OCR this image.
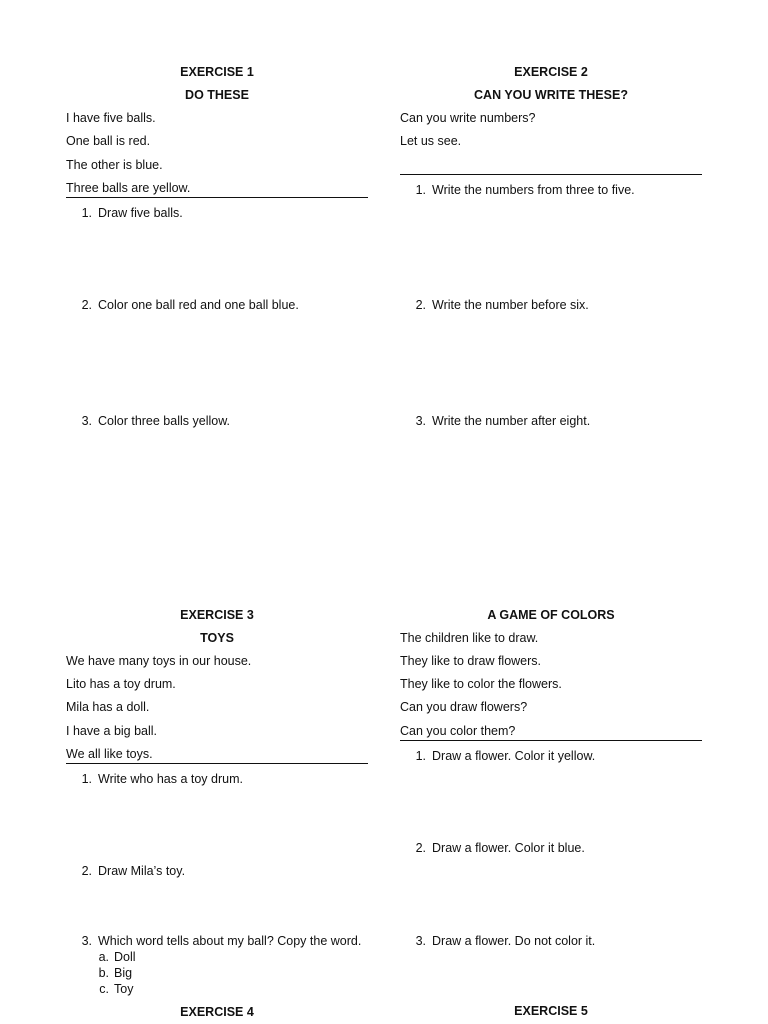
EXERCISE 1
DO THESE
I have five balls.
One ball is red.
The other is blue.
Three balls are yellow.
1. Draw five balls.
2. Color one ball red and one ball blue.
3. Color three balls yellow.
EXERCISE 2
CAN YOU WRITE THESE?
Can you write numbers?
Let us see.
1. Write the numbers from three to five.
2. Write the number before six.
3. Write the number after eight.
EXERCISE 3
TOYS
We have many toys in our house.
Lito has a toy drum.
Mila has a doll.
I have a big ball.
We all like toys.
1. Write who has a toy drum.
2. Draw Mila’s toy.
3. Which word tells about my ball? Copy the word.
a. Doll
b. Big
c. Toy
A GAME OF COLORS
The children like to draw.
They like to draw flowers.
They like to color the flowers.
Can you draw flowers?
Can you color them?
1. Draw a flower. Color it yellow.
2. Draw a flower. Color it blue.
3. Draw a flower. Do not color it.
EXERCISE 4	EXERCISE 5
